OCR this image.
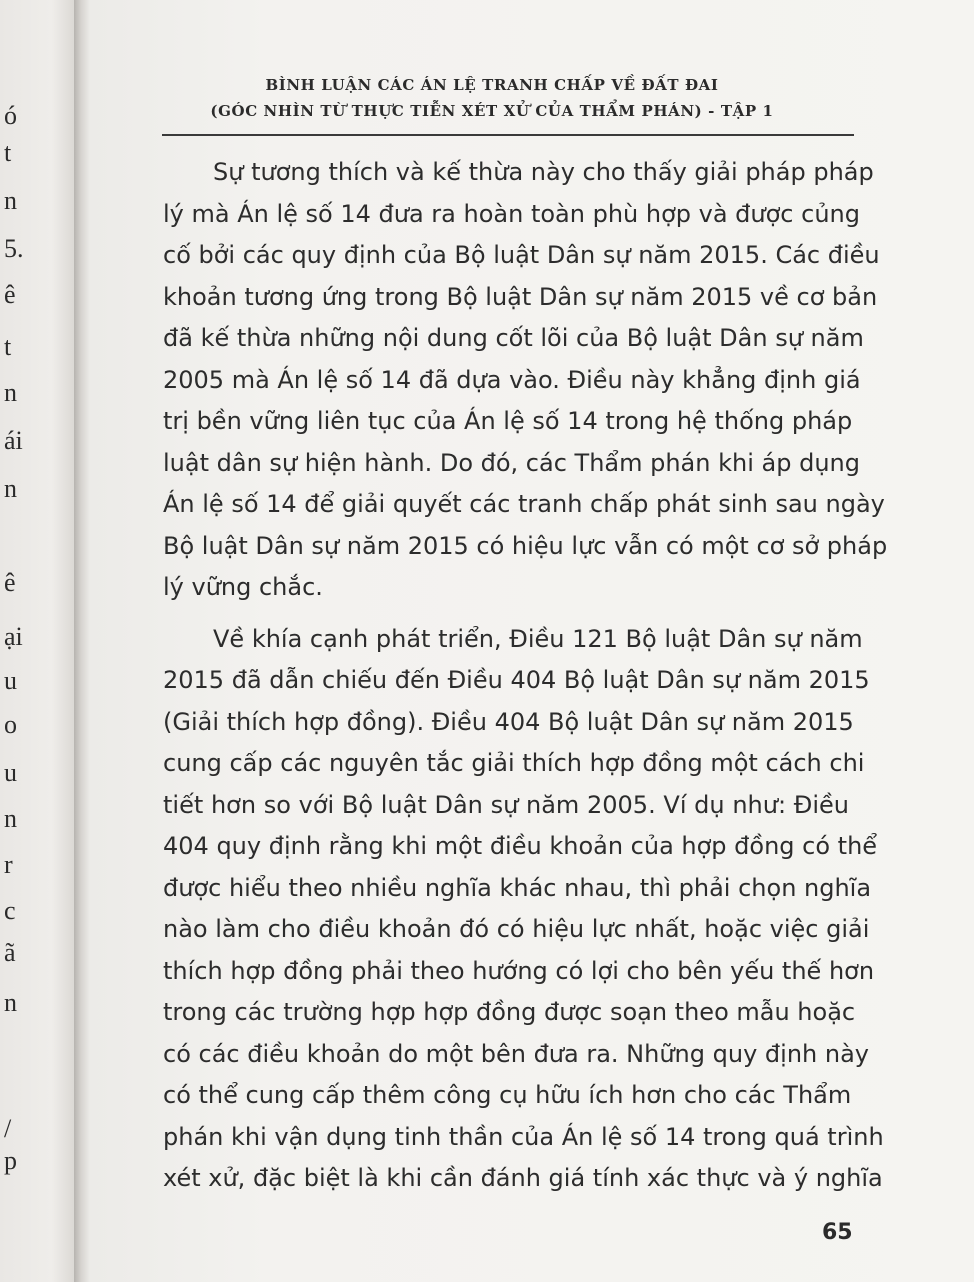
ó
t
n
5.
ê
t
n
ái
n
ê
ại
u
o
u
n
r
c
ã
n
/
p
BÌNH LUẬN CÁC ÁN LỆ TRANH CHẤP VỀ ĐẤT ĐAI
(GÓC NHÌN TỪ THỰC TIỄN XÉT XỬ CỦA THẨM PHÁN) - TẬP 1
Sự tương thích và kế thừa này cho thấy giải pháp pháp
lý mà Án lệ số 14 đưa ra hoàn toàn phù hợp và được củng
cố bởi các quy định của Bộ luật Dân sự năm 2015. Các điều
khoản tương ứng trong Bộ luật Dân sự năm 2015 về cơ bản
đã kế thừa những nội dung cốt lõi của Bộ luật Dân sự năm
2005 mà Án lệ số 14 đã dựa vào. Điều này khẳng định giá
trị bền vững liên tục của Án lệ số 14 trong hệ thống pháp
luật dân sự hiện hành. Do đó, các Thẩm phán khi áp dụng
Án lệ số 14 để giải quyết các tranh chấp phát sinh sau ngày
Bộ luật Dân sự năm 2015 có hiệu lực vẫn có một cơ sở pháp
lý vững chắc.
Về khía cạnh phát triển, Điều 121 Bộ luật Dân sự năm
2015 đã dẫn chiếu đến Điều 404 Bộ luật Dân sự năm 2015
(Giải thích hợp đồng). Điều 404 Bộ luật Dân sự năm 2015
cung cấp các nguyên tắc giải thích hợp đồng một cách chi
tiết hơn so với Bộ luật Dân sự năm 2005. Ví dụ như: Điều
404 quy định rằng khi một điều khoản của hợp đồng có thể
được hiểu theo nhiều nghĩa khác nhau, thì phải chọn nghĩa
nào làm cho điều khoản đó có hiệu lực nhất, hoặc việc giải
thích hợp đồng phải theo hướng có lợi cho bên yếu thế hơn
trong các trường hợp hợp đồng được soạn theo mẫu hoặc
có các điều khoản do một bên đưa ra. Những quy định này
có thể cung cấp thêm công cụ hữu ích hơn cho các Thẩm
phán khi vận dụng tinh thần của Án lệ số 14 trong quá trình
xét xử, đặc biệt là khi cần đánh giá tính xác thực và ý nghĩa
65
